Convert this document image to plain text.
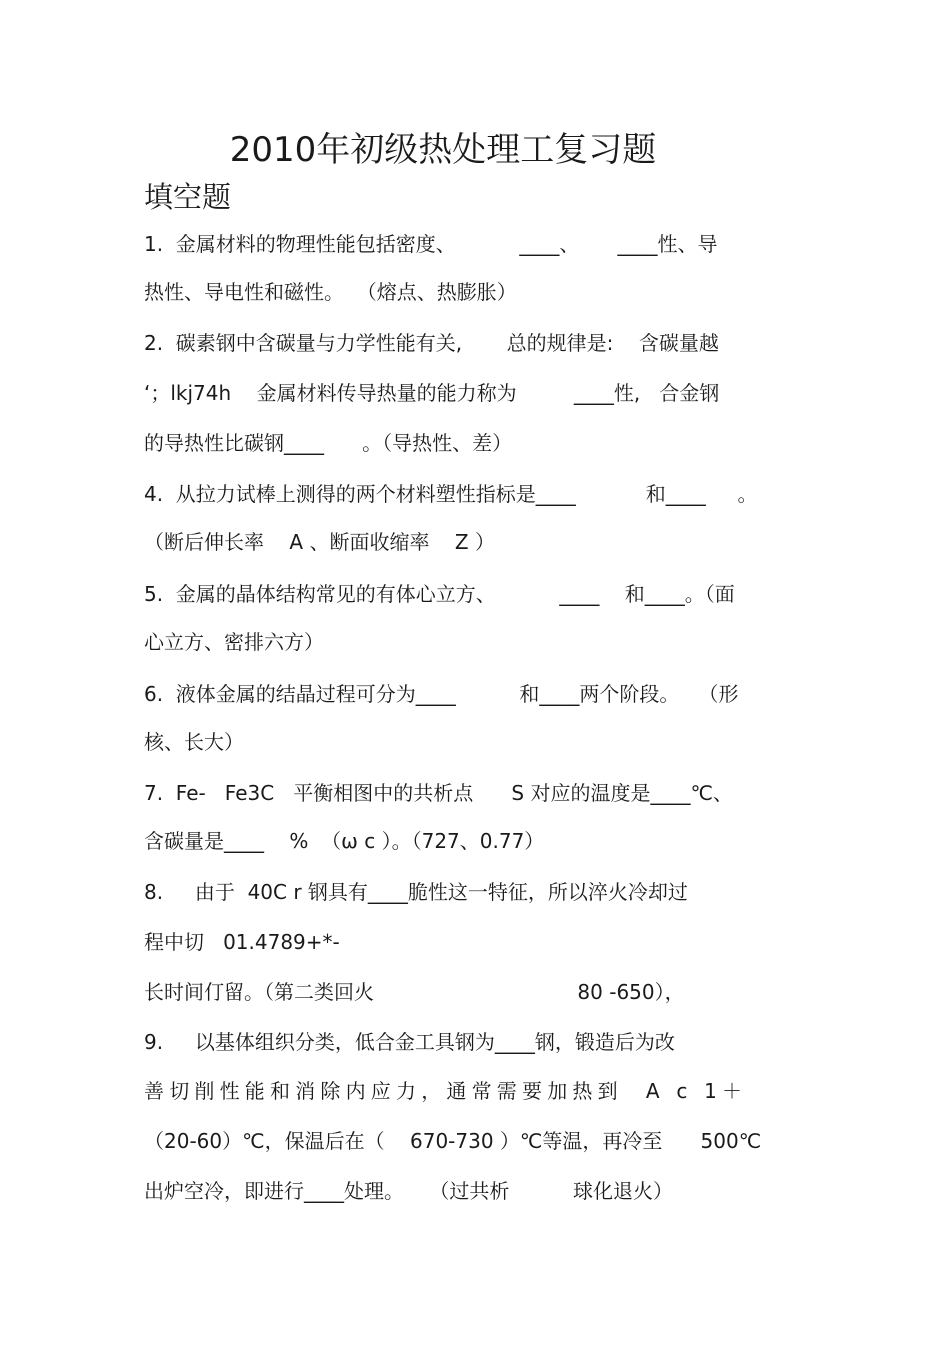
2010年初级热处理工复习题
填空题
1.  金属材料的物理性能包括密度、          ____、      ____性、导
热性、导电性和磁性。  （熔点、热膨胀）
2.  碳素钢中含碳量与力学性能有关,       总的规律是:    含碳量越
‘；lkj74h    金属材料传导热量的能力称为         ____性,   合金钢
的导热性比碳钢____      。（导热性、差）
4.  从拉力试棒上测得的两个材料塑性指标是____           和____     。
（断后伸长率    A 、断面收缩率    Z ）
5.  金属的晶体结构常见的有体心立方、          ____    和____。（面
心立方、密排六方）
6.  液体金属的结晶过程可分为____          和____两个阶段。   （形
核、长大）
7.  Fe-   Fe3C   平衡相图中的共析点      S 对应的温度是____℃、
含碳量是____    %  （ω c ）。（727、0.77）
8.     由于  40C r 钢具有____脆性这一特征，所以淬火冷却过
程中切   01.4789+*-
长时间仃留。（第二类回火                                80 -650），
9.     以基体组织分类，低合金工具钢为____钢，锻造后为改
善切削性能和消除内应力，通常需要加热到  A c 1＋
（20-60）℃，保温后在（    670-730 ）℃等温，再冷至      500℃
出炉空冷，即进行____处理。    （过共析          球化退火）
